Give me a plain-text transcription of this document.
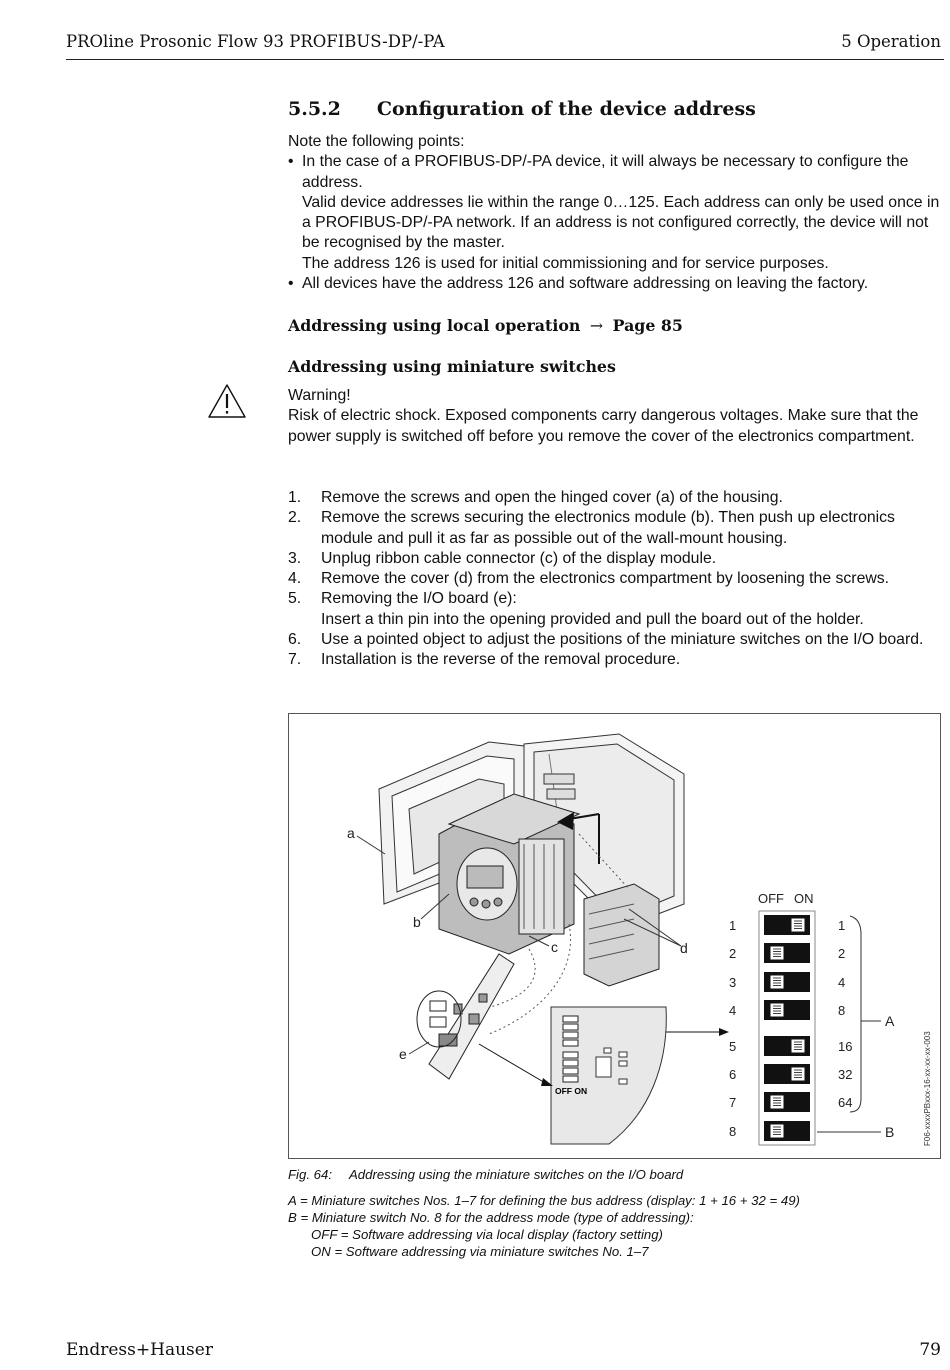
PROline Prosonic Flow 93 PROFIBUS-DP/-PA	5 Operation
5.5.2 Configuration of the device address

Note the following points:

• In the case of a PROFIBUS-DP/-PA device, it will always be necessary to configure the address.
Valid device addresses lie within the range 0…125. Each address can only be used once in a PROFIBUS-DP/-PA network. If an address is not configured correctly, the device will not be recognised by the master.
The address 126 is used for initial commissioning and for service purposes.
• All devices have the address 126 and software addressing on leaving the factory.
Addressing using local operation → Page 85
Addressing using miniature switches
Warning!
Risk of electric shock. Exposed components carry dangerous voltages. Make sure that the power supply is switched off before you remove the cover of the electronics compartment.
1. Remove the screws and open the hinged cover (a) of the housing.
2. Remove the screws securing the electronics module (b). Then push up electronics module and pull it as far as possible out of the wall-mount housing.
3. Unplug ribbon cable connector (c) of the display module.
4. Remove the cover (d) from the electronics compartment by loosening the screws.
5. Removing the I/O board (e):
Insert a thin pin into the opening provided and pull the board out of the holder.
6. Use a pointed object to adjust the positions of the miniature switches on the I/O board.
7. Installation is the reverse of the removal procedure.
OFF ON
a
b
c	d
e
OFF ON
1	1
2	2
3	4
4	8
5	16
6	32
7	64
8
A
B	F06-xxxxPBxxx-16-xx-xx-xx-003
Fig. 64: Addressing using the miniature switches on the I/O board
A = Miniature switches Nos. 1–7 for defining the bus address (display: 1 + 16 + 32 = 49)
B = Miniature switch No. 8 for the address mode (type of addressing):
OFF = Software addressing via local display (factory setting)
ON = Software addressing via miniature switches No. 1–7
Endress+Hauser	79
